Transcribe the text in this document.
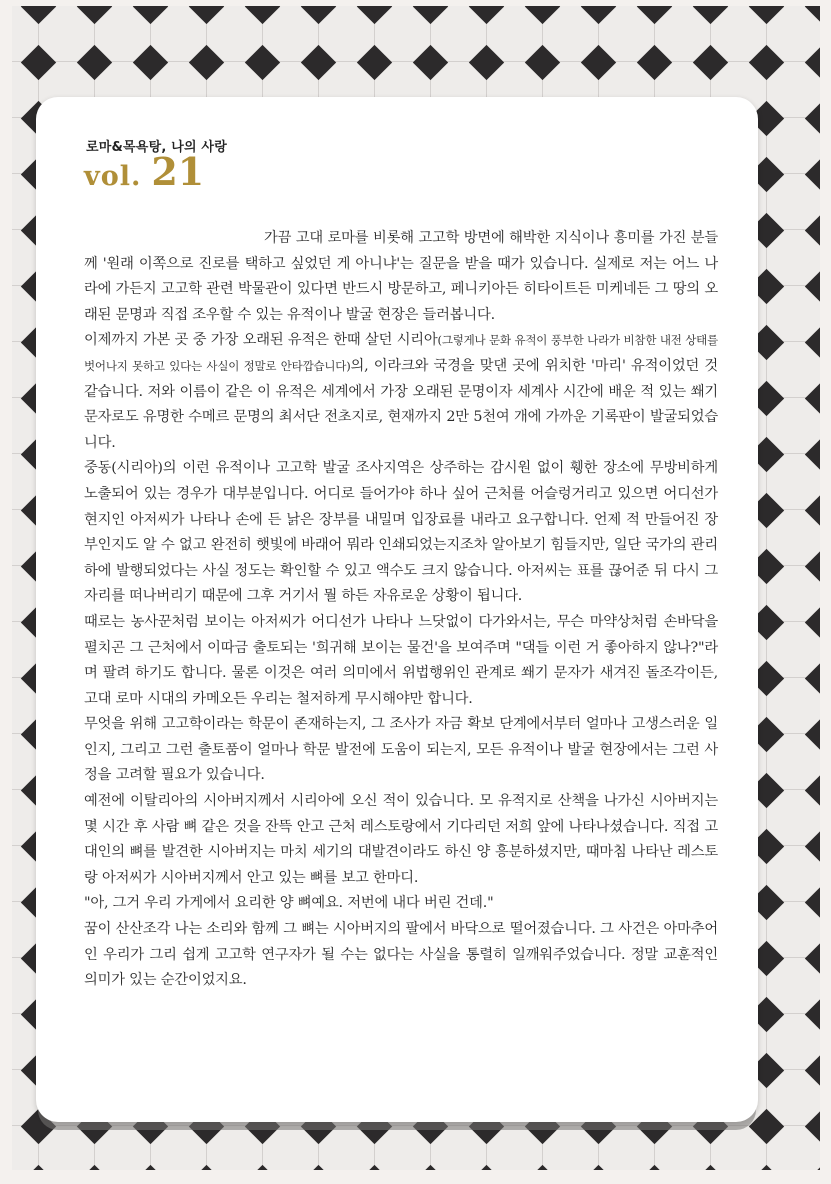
로마&목욕탕, 나의 사랑
vol. 21

가끔 고대 로마를 비롯해 고고학 방면에 해박한 지식이나 흥미를 가진 분들께 '원래 이쪽으로 진로를 택하고 싶었던 게 아니냐'는 질문을 받을 때가 있습니다. 실제로 저는 어느 나라에 가든지 고고학 관련 박물관이 있다면 반드시 방문하고, 페니키아든 히타이트든 미케네든 그 땅의 오래된 문명과 직접 조우할 수 있는 유적이나 발굴 현장은 들러봅니다.

이제까지 가본 곳 중 가장 오래된 유적은 한때 살던 시리아(그렇게나 문화 유적이 풍부한 나라가 비참한 내전 상태를 벗어나지 못하고 있다는 사실이 정말로 안타깝습니다)의, 이라크와 국경을 맞댄 곳에 위치한 '마리' 유적이었던 것 같습니다. 저와 이름이 같은 이 유적은 세계에서 가장 오래된 문명이자 세계사 시간에 배운 적 있는 쐐기 문자로도 유명한 수메르 문명의 최서단 전초지로, 현재까지 2만 5천여 개에 가까운 기록판이 발굴되었습니다.

중동(시리아)의 이런 유적이나 고고학 발굴 조사지역은 상주하는 감시원 없이 휑한 장소에 무방비하게 노출되어 있는 경우가 대부분입니다. 어디로 들어가야 하나 싶어 근처를 어슬렁거리고 있으면 어디선가 현지인 아저씨가 나타나 손에 든 낡은 장부를 내밀며 입장료를 내라고 요구합니다. 언제 적 만들어진 장부인지도 알 수 없고 완전히 햇빛에 바래어 뭐라 인쇄되었는지조차 알아보기 힘들지만, 일단 국가의 관리 하에 발행되었다는 사실 정도는 확인할 수 있고 액수도 크지 않습니다. 아저씨는 표를 끊어준 뒤 다시 그 자리를 떠나버리기 때문에 그후 거기서 뭘 하든 자유로운 상황이 됩니다.

때로는 농사꾼처럼 보이는 아저씨가 어디선가 나타나 느닷없이 다가와서는, 무슨 마약상처럼 손바닥을 펼치곤 그 근처에서 이따금 출토되는 '희귀해 보이는 물건'을 보여주며 "댁들 이런 거 좋아하지 않나?"라며 팔려 하기도 합니다. 물론 이것은 여러 의미에서 위법행위인 관계로 쐐기 문자가 새겨진 돌조각이든, 고대 로마 시대의 카메오든 우리는 철저하게 무시해야만 합니다.

무엇을 위해 고고학이라는 학문이 존재하는지, 그 조사가 자금 확보 단계에서부터 얼마나 고생스러운 일인지, 그리고 그런 출토품이 얼마나 학문 발전에 도움이 되는지, 모든 유적이나 발굴 현장에서는 그런 사정을 고려할 필요가 있습니다.

예전에 이탈리아의 시아버지께서 시리아에 오신 적이 있습니다. 모 유적지로 산책을 나가신 시아버지는 몇 시간 후 사람 뼈 같은 것을 잔뜩 안고 근처 레스토랑에서 기다리던 저희 앞에 나타나셨습니다. 직접 고대인의 뼈를 발견한 시아버지는 마치 세기의 대발견이라도 하신 양 흥분하셨지만, 때마침 나타난 레스토랑 아저씨가 시아버지께서 안고 있는 뼈를 보고 한마디.

"아, 그거 우리 가게에서 요리한 양 뼈예요. 저번에 내다 버린 건데."

꿈이 산산조각 나는 소리와 함께 그 뼈는 시아버지의 팔에서 바닥으로 떨어졌습니다. 그 사건은 아마추어인 우리가 그리 쉽게 고고학 연구자가 될 수는 없다는 사실을 통렬히 일깨워주었습니다. 정말 교훈적인 의미가 있는 순간이었지요.
